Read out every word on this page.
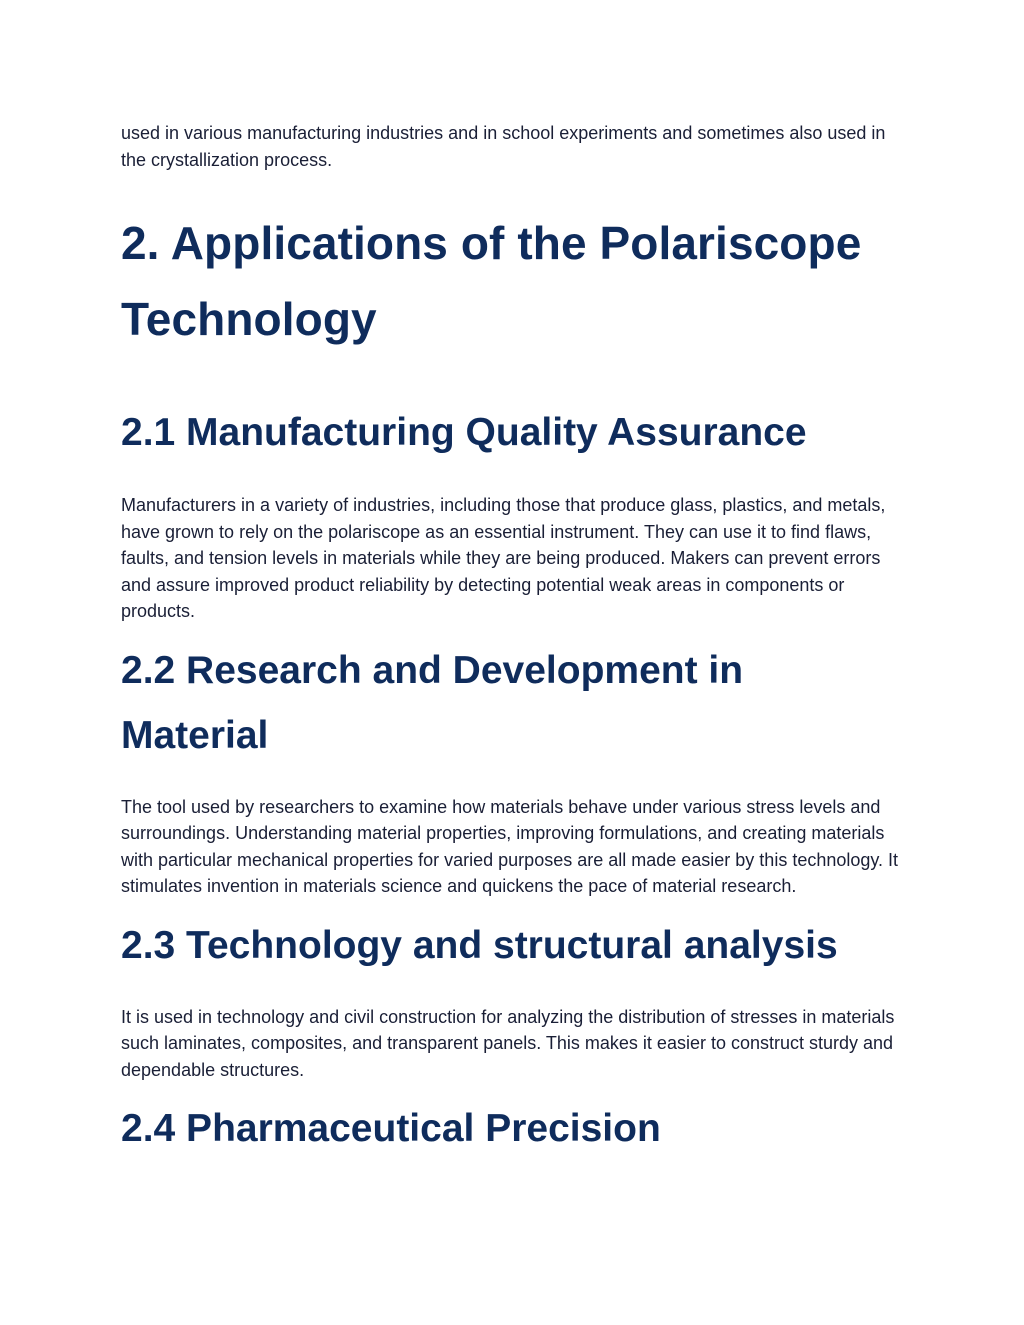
used in various manufacturing industries and in school experiments and sometimes also used in the crystallization process.

2. Applications of the Polariscope
Technology
2.1 Manufacturing Quality Assurance

Manufacturers in a variety of industries, including those that produce glass, plastics, and metals, have grown to rely on the polariscope as an essential instrument. They can use it to find flaws, faults, and tension levels in materials while they are being produced. Makers can prevent errors and assure improved product reliability by detecting potential weak areas in components or products.

2.2 Research and Development in
Material

The tool used by researchers to examine how materials behave under various stress levels and surroundings. Understanding material properties, improving formulations, and creating materials with particular mechanical properties for varied purposes are all made easier by this technology. It stimulates invention in materials science and quickens the pace of material research.

2.3 Technology and structural analysis

It is used in technology and civil construction for analyzing the distribution of stresses in materials such laminates, composites, and transparent panels. This makes it easier to construct sturdy and dependable structures.

2.4 Pharmaceutical Precision
